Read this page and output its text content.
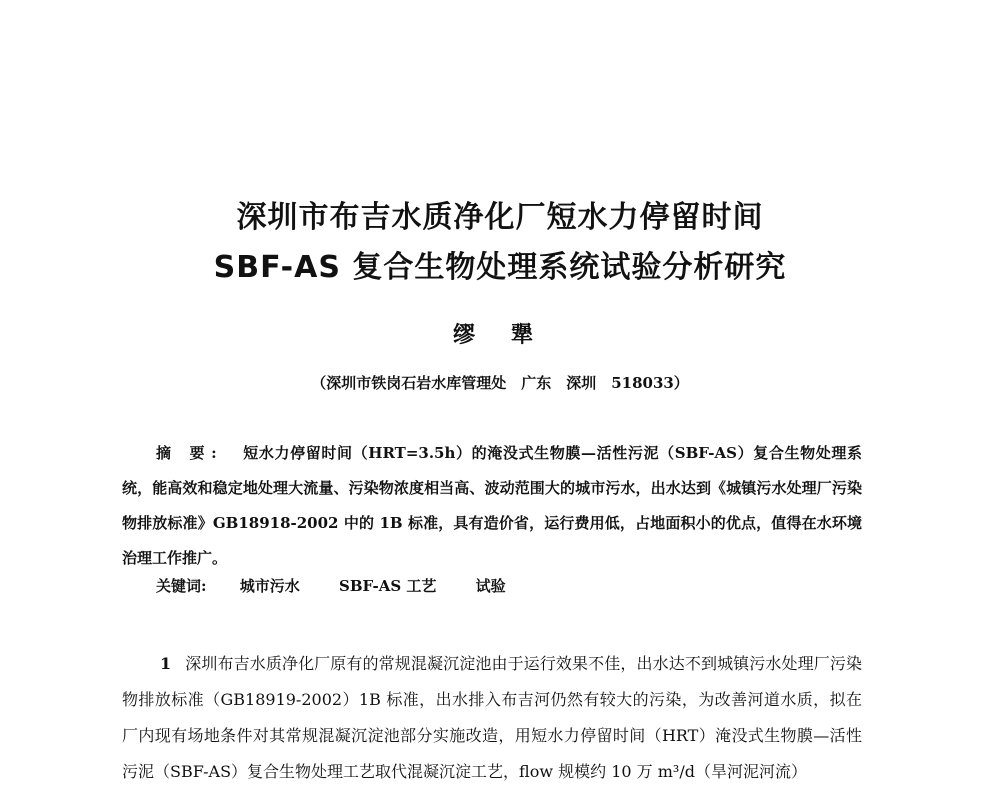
深圳市布吉水质净化厂短水力停留时间
SBF-AS 复合生物处理系统试验分析研究
缪 犟
（深圳市铁岗石岩水库管理处　广东　深圳　518033）
摘 要: 短水力停留时间（HRT=3.5h）的淹没式生物膜—活性污泥（SBF-AS）复合生物处理系统，能高效和稳定地处理大流量、污染物浓度相当高、波动范围大的城市污水，出水达到《城镇污水处理厂污染物排放标准》GB18918-2002 中的 1B 标准，具有造价省，运行费用低，占地面积小的优点，值得在水环境治理工作推广。
关键词: 城市污水	SBF-AS 工艺	试验
1 深圳布吉水质净化厂原有的常规混凝沉淀池由于运行效果不佳，出水达不到城镇污水处理厂污染物排放标准（GB18919-2002）1B 标准，出水排入布吉河仍然有较大的污染，为改善河道水质，拟在厂内现有场地条件对其常规混凝沉淀池部分实施改造，用短水力停留时间（HRT）淹没式生物膜—活性污泥（SBF-AS）复合生物处理工艺取代混凝沉淀工艺，flow 规模约 10 万 m³/d（旱河泥河流）
